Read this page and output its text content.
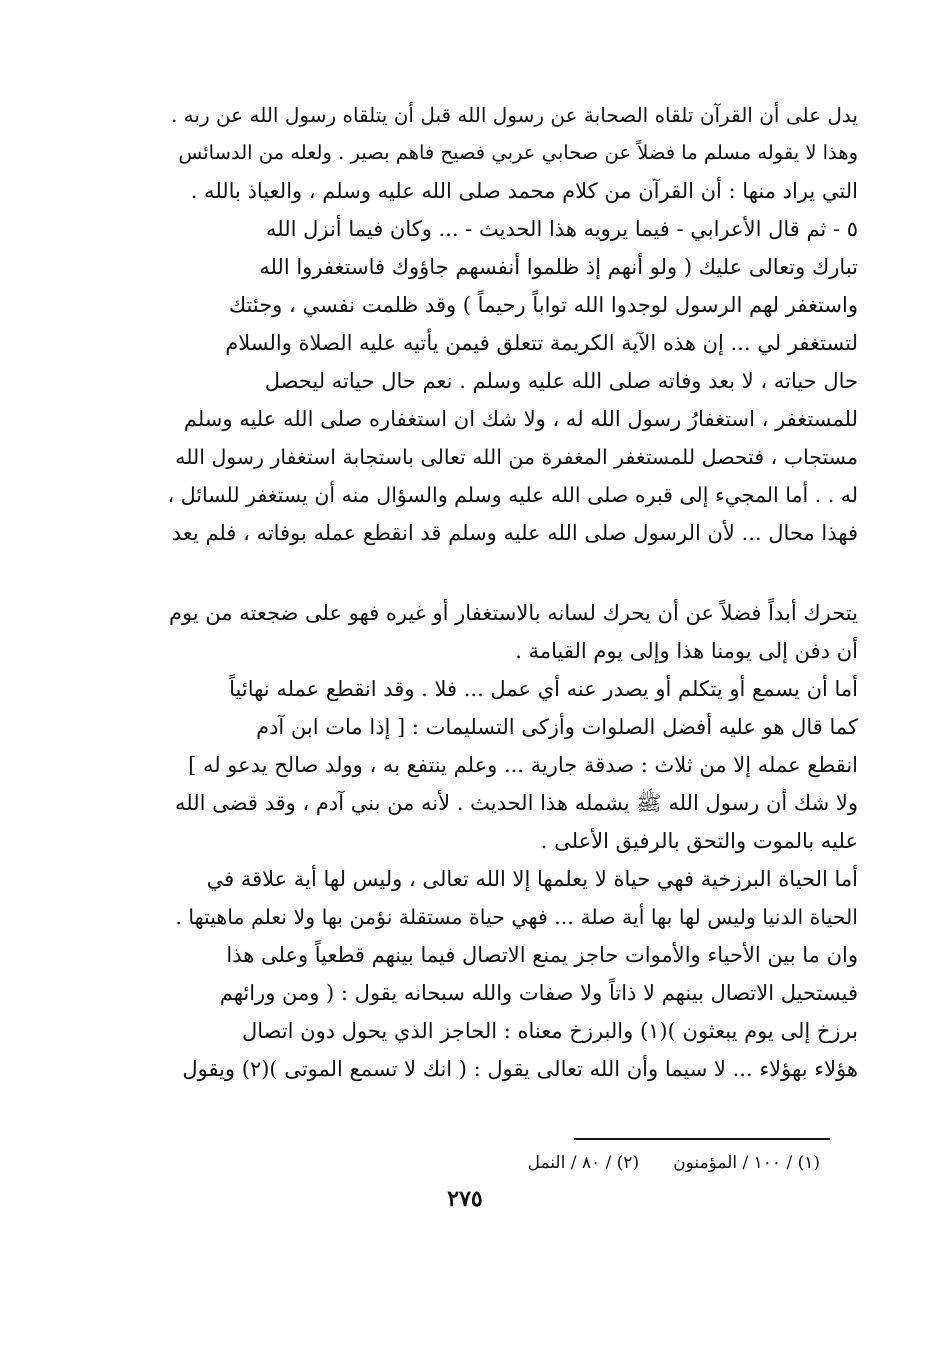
يدل على أن القرآن تلقاه الصحابة عن رسول الله قبل أن يتلقاه رسول الله عن ربه .
وهذا لا يقوله مسلم ما فضلاً عن صحابي عربي فصيح فاهم بصير . ولعله من الدسائس
التي يراد منها : أن القرآن من كلام محمد صلى الله عليه وسلم ، والعياذ بالله .
٥ - ثم قال الأعرابي - فيما يرويه هذا الحديث - ... وكان فيما أنزل الله
تبارك وتعالى عليك ( ولو أنهم إذ ظلموا أنفسهم جاؤوك فاستغفروا الله
واستغفر لهم الرسول لوجدوا الله تواباً رحيماً ) وقد ظلمت نفسي ، وجئتك
لتستغفر لي ... إن هذه الآية الكريمة تتعلق فيمن يأتيه عليه الصلاة والسلام
حال حياته ، لا بعد وفاته صلى الله عليه وسلم . نعم حال حياته ليحصل
للمستغفر ، استغفارُ رسول الله له ، ولا شك ان استغفاره صلى الله عليه وسلم
مستجاب ، فتحصل للمستغفر المغفرة من الله تعالى باستجابة استغفار رسول الله
له . . أما المجيء إلى قبره صلى الله عليه وسلم والسؤال منه أن يستغفر للسائل ،
فهذا محال ... لأن الرسول صلى الله عليه وسلم قد انقطع عمله بوفاته ، فلم يعد
يتحرك أبداً فضلاً عن أن يحرك لسانه بالاستغفار أو غيره فهو على ضجعته من يوم
أن دفن إلى يومنا هذا وإلى يوم القيامة .
أما أن يسمع أو يتكلم أو يصدر عنه أي عمل ... فلا . وقد انقطع عمله نهائياً
كما قال هو عليه أفضل الصلوات وأزكى التسليمات : [ إذا مات ابن آدم
انقطع عمله إلا من ثلاث : صدقة جارية ... وعلم ينتفع به ، وولد صالح يدعو له ]
ولا شك أن رسول الله ﷺ يشمله هذا الحديث . لأنه من بني آدم ، وقد قضى الله
عليه بالموت والتحق بالرفيق الأعلى .
أما الحياة البرزخية فهي حياة لا يعلمها إلا الله تعالى ، وليس لها أية علاقة في
الحياة الدنيا وليس لها بها أية صلة ... فهي حياة مستقلة نؤمن بها ولا نعلم ماهيتها .
وان ما بين الأحياء والأموات حاجز يمنع الاتصال فيما بينهم قطعياً وعلى هذا
فيستحيل الاتصال بينهم لا ذاتاً ولا صفات والله سبحانه يقول : ( ومن ورائهم
برزخ إلى يوم يبعثون )(١) والبرزخ معناه : الحاجز الذي يحول دون اتصال
هؤلاء بهؤلاء ... لا سيما وأن الله تعالى يقول : ( انك لا تسمع الموتى )(٢) ويقول
(١) / ١٠٠ / المؤمنون(٢) / ٨٠ / النمل
٢٧٥
